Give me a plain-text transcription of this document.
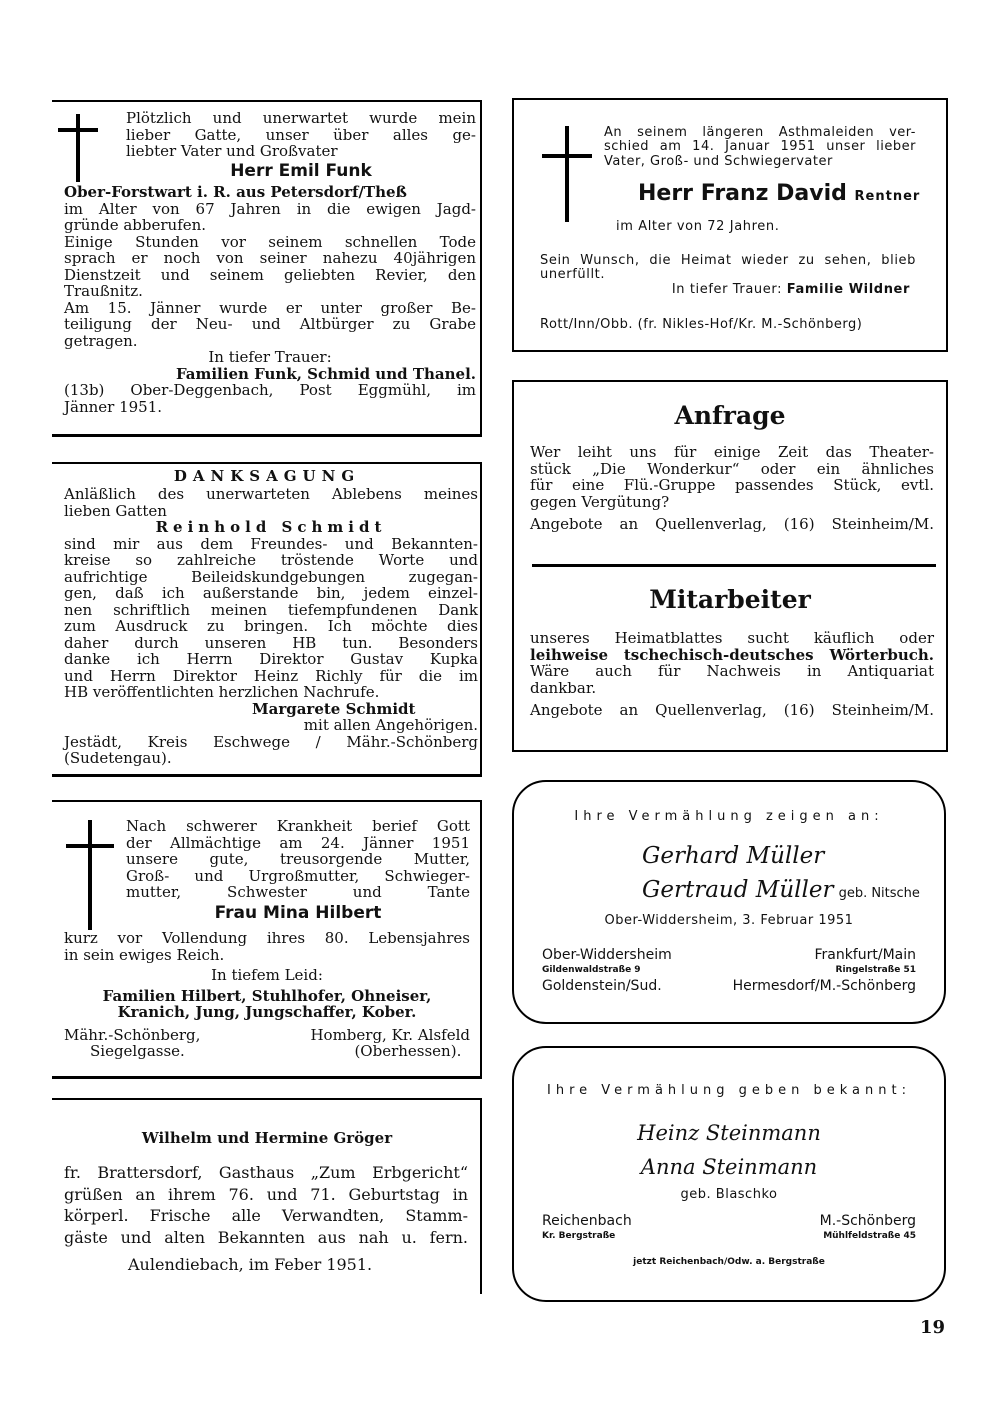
Plötzlich und unerwartet wurde mein

lieber Gatte, unser über alles ge-

liebter Vater und Großvater

Herr Emil Funk

Ober-Forstwart i. R. aus Petersdorf/Theß

im Alter von 67 Jahren in die ewigen Jagd-

gründe abberufen.

Einige Stunden vor seinem schnellen Tode

sprach er noch von seiner nahezu 40jährigen

Dienstzeit und seinem geliebten Revier, den

Traußnitz.

Am 15. Jänner wurde er unter großer Be-

teiligung der Neu- und Altbürger zu Grabe

getragen.

In tiefer Trauer:

Familien Funk, Schmid und Thanel.

(13b) Ober-Deggenbach, Post Eggmühl, im

Jänner 1951.

DANKSAGUNG

Anläßlich des unerwarteten Ablebens meines

lieben Gatten

Reinhold Schmidt

sind mir aus dem Freundes- und Bekannten-

kreise so zahlreiche tröstende Worte und

aufrichtige Beileidskundgebungen zugegan-

gen, daß ich außerstande bin, jedem einzel-

nen schriftlich meinen tiefempfundenen Dank

zum Ausdruck zu bringen. Ich möchte dies

daher durch unseren HB tun. Besonders

danke ich Herrn Direktor Gustav Kupka

und Herrn Direktor Heinz Richly für die im

HB veröffentlichten herzlichen Nachrufe.

Margarete Schmidt

mit allen Angehörigen.

Jestädt, Kreis Eschwege / Mähr.-Schönberg

(Sudetengau).

Nach schwerer Krankheit berief Gott

der Allmächtige am 24. Jänner 1951

unsere gute, treusorgende Mutter,

Groß- und Urgroßmutter, Schwieger-

mutter, Schwester und Tante

Frau Mina Hilbert

kurz vor Vollendung ihres 80. Lebensjahres

in sein ewiges Reich.

In tiefem Leid:

Familien Hilbert, Stuhlhofer, Ohneiser,

Kranich, Jung, Jungschaffer, Kober.

Mähr.-Schönberg,

Siegelgasse.

Homberg, Kr. Alsfeld

(Oberhessen).

Wilhelm und Hermine Gröger

fr. Brattersdorf, Gasthaus „Zum Erbgericht“

grüßen an ihrem 76. und 71. Geburtstag in

körperl. Frische alle Verwandten, Stamm-

gäste und alten Bekannten aus nah u. fern.

Aulendiebach, im Feber 1951.

An seinem längeren Asthmaleiden ver-

schied am 14. Januar 1951 unser lieber

Vater, Groß- und Schwiegervater

Herr Franz David Rentner
im Alter von 72 Jahren.

Sein Wunsch, die Heimat wieder zu sehen, blieb

unerfüllt.

In tiefer Trauer: Familie Wildner

Rott/Inn/Obb. (fr. Nikles-Hof/Kr. M.-Schönberg)
Anfrage

Wer leiht uns für einige Zeit das Theater-

stück „Die Wonderkur“ oder ein ähnliches

für eine Flü.-Gruppe passendes Stück, evtl.

gegen Vergütung?

Angebote an Quellenverlag, (16) Steinheim/M.

Mitarbeiter

unseres Heimatblattes sucht käuflich oder

leihweise tschechisch-deutsches Wörterbuch.

Wäre auch für Nachweis in Antiquariat

dankbar.

Angebote an Quellenverlag, (16) Steinheim/M.

Ihre Vermählung zeigen an:
Gerhard Müller
Gertraud Müller geb. Nitsche
Ober-Widdersheim, 3. Februar 1951

Ober-Widdersheim

Gildenwaldstraße 9

Goldenstein/Sud.

Frankfurt/Main

Ringelstraße 51

Hermesdorf/M.-Schönberg

Ihre Vermählung geben bekannt:
Heinz Steinmann
Anna Steinmann
geb. Blaschko

Reichenbach

Kr. Bergstraße

M.-Schönberg

Mühlfeldstraße 45

jetzt Reichenbach/Odw. a. Bergstraße
19
